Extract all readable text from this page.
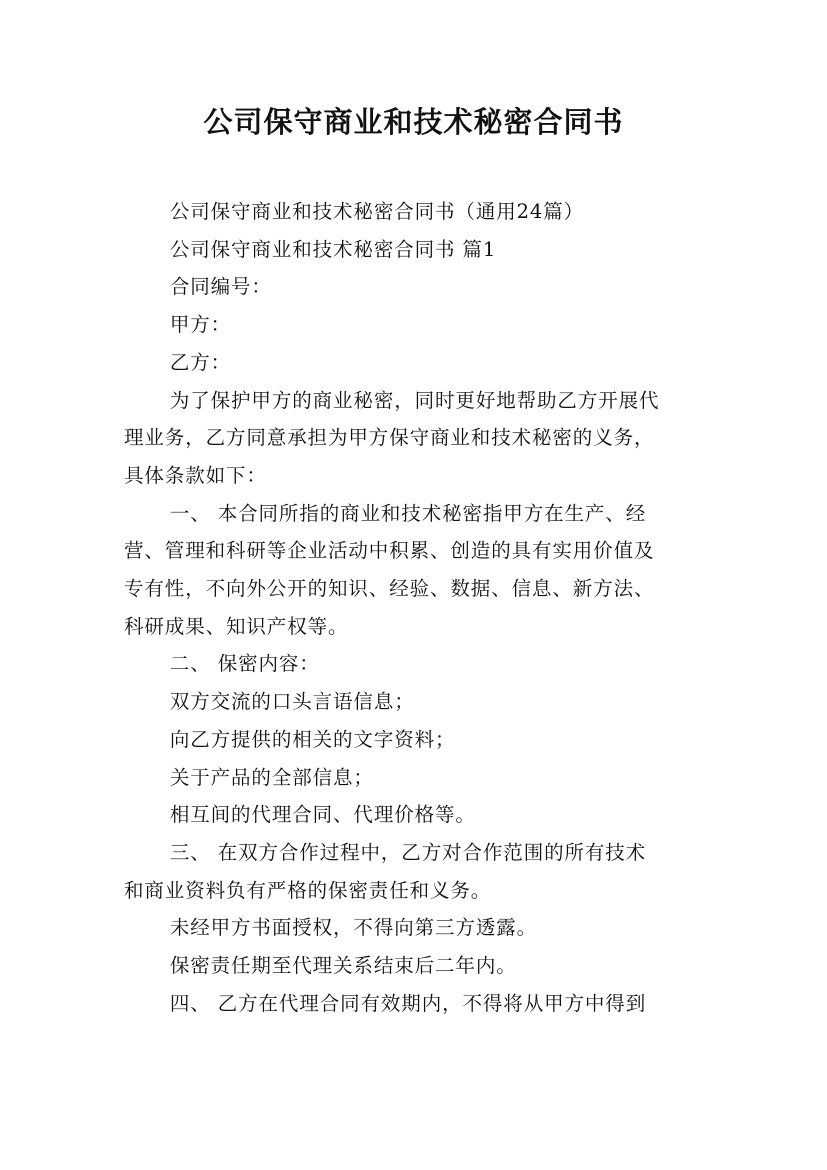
公司保守商业和技术秘密合同书

公司保守商业和技术秘密合同书（通用24篇）

公司保守商业和技术秘密合同书 篇1

合同编号：

甲方：

乙方：

为了保护甲方的商业秘密，同时更好地帮助乙方开展代
理业务，乙方同意承担为甲方保守商业和技术秘密的义务，
具体条款如下：

一、 本合同所指的商业和技术秘密指甲方在生产、经
营、管理和科研等企业活动中积累、创造的具有实用价值及
专有性，不向外公开的知识、经验、数据、信息、新方法、
科研成果、知识产权等。

二、 保密内容：

双方交流的口头言语信息；

向乙方提供的相关的文字资料；

关于产品的全部信息；

相互间的代理合同、代理价格等。

三、 在双方合作过程中，乙方对合作范围的所有技术
和商业资料负有严格的保密责任和义务。

未经甲方书面授权，不得向第三方透露。

保密责任期至代理关系结束后二年内。

四、 乙方在代理合同有效期内，不得将从甲方中得到
